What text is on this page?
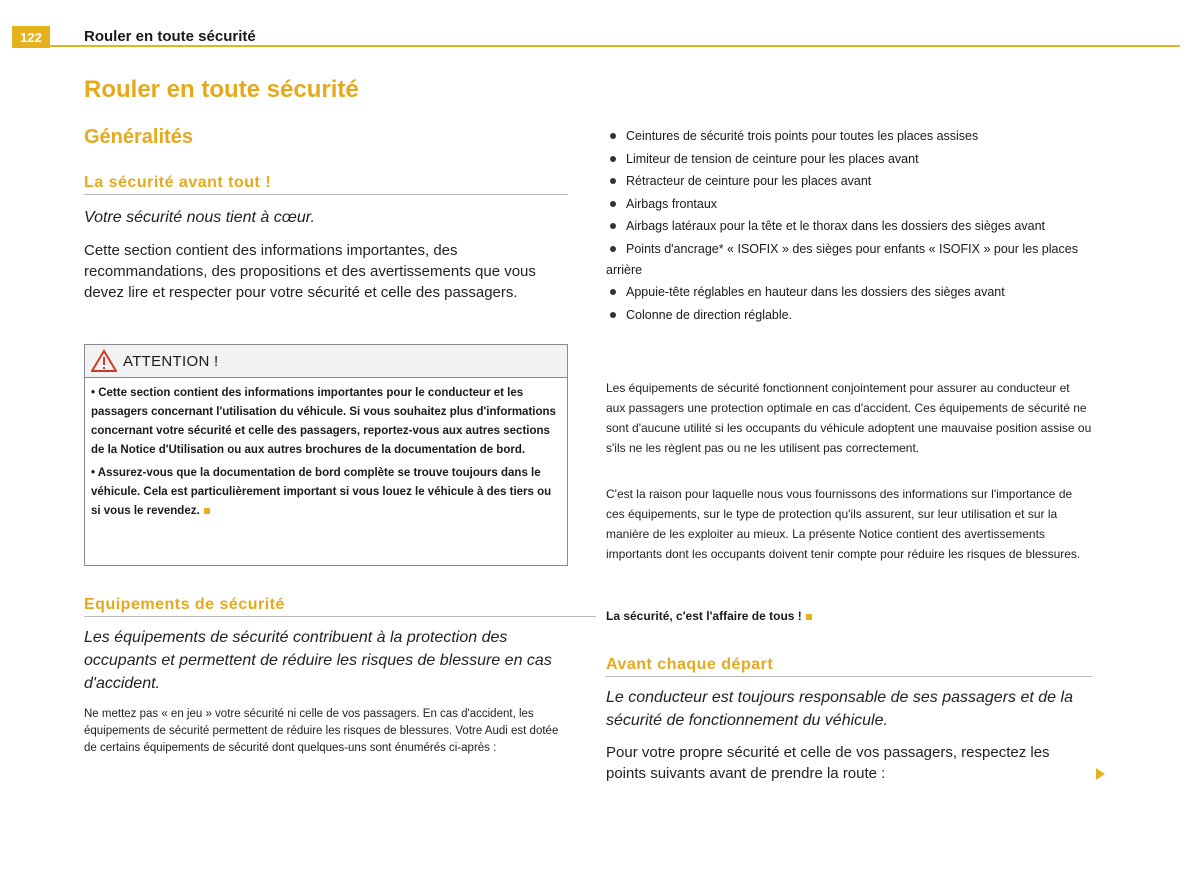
122	Rouler en toute sécurité
Rouler en toute sécurité
Généralités
La sécurité avant tout !

Votre sécurité nous tient à cœur.

Cette section contient des informations importantes, des recommandations, des propositions et des avertissements que vous devez lire et respecter pour votre sécurité et celle des passagers.

ATTENTION !

• Cette section contient des informations importantes pour le conducteur et les passagers concernant l'utilisation du véhicule. Si vous souhaitez plus d'informations concernant votre sécurité et celle des passagers, reportez-vous aux autres sections de la Notice d'Utilisation ou aux autres brochures de la documentation de bord.

• Assurez-vous que la documentation de bord complète se trouve toujours dans le véhicule. Cela est particulièrement important si vous louez le véhicule à des tiers ou si vous le revendez.

Equipements de sécurité

Les équipements de sécurité contribuent à la protection des occupants et permettent de réduire les risques de blessure en cas d'accident.

Ne mettez pas « en jeu » votre sécurité ni celle de vos passagers. En cas d'accident, les équipements de sécurité permettent de réduire les risques de blessures. Votre Audi est dotée de certains équipements de sécurité dont quelques-uns sont énumérés ci-après :

Ceintures de sécurité trois points pour toutes les places assises
Limiteur de tension de ceinture pour les places avant
Rétracteur de ceinture pour les places avant
Airbags frontaux
Airbags latéraux pour la tête et le thorax dans les dossiers des sièges avant
Points d'ancrage* « ISOFIX » des sièges pour enfants « ISOFIX » pour les places arrière
Appuie-tête réglables en hauteur dans les dossiers des sièges avant
Colonne de direction réglable.

Les équipements de sécurité fonctionnent conjointement pour assurer au conducteur et aux passagers une protection optimale en cas d'accident. Ces équipements de sécurité ne sont d'aucune utilité si les occupants du véhicule adoptent une mauvaise position assise ou s'ils ne les règlent pas ou ne les utilisent pas correctement.

C'est la raison pour laquelle nous vous fournissons des informations sur l'importance de ces équipements, sur le type de protection qu'ils assurent, sur leur utilisation et sur la manière de les exploiter au mieux. La présente Notice contient des avertissements importants dont les occupants doivent tenir compte pour réduire les risques de blessures.

La sécurité, c'est l'affaire de tous !
Avant chaque départ

Le conducteur est toujours responsable de ses passagers et de la sécurité de fonctionnement du véhicule.

Pour votre propre sécurité et celle de vos passagers, respectez les points suivants avant de prendre la route :
